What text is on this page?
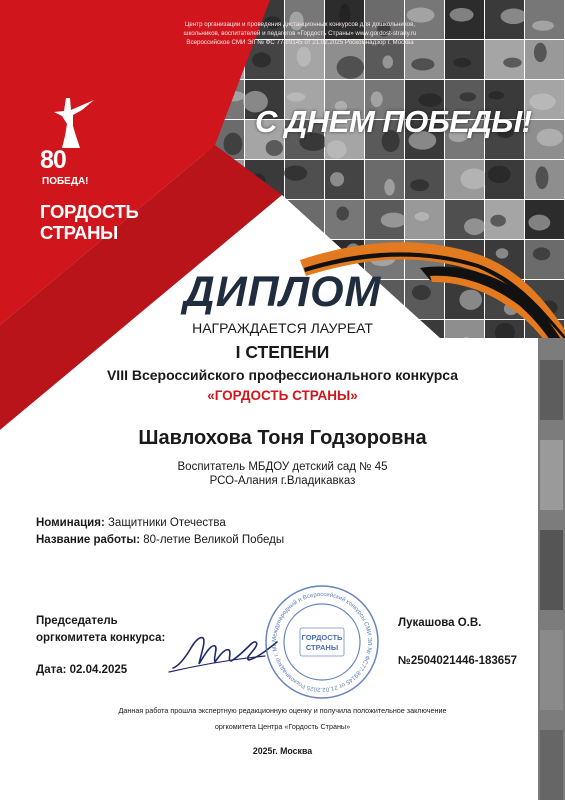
Центр организации и проведения дистанционных конкурсов для дошкольников,
школьников, воспитателей и педагогов «Гордость Страны» www.gordost-strany.ru
Всероссийское СМИ ЭЛ № ФС 77-89145 от 21.02.2025 Роскомнадзор г. Москва
80
ПОБЕДА!
ГОРДОСТЬ
СТРАНЫ
С ДНЕМ ПОБЕДЫ!
ДИПЛОМ
НАГРАЖДАЕТСЯ ЛАУРЕАТ
I СТЕПЕНИ
VIII Всероссийского профессионального конкурса
«ГОРДОСТЬ СТРАНЫ»
Шавлохова Тоня Годзоровна
Воспитатель МБДОУ детский сад № 45
РСО-Алания г.Владикавказ
Номинация: Защитники Отечества
Название работы: 80-летие Великой Победы
Председатель
оргкомитета конкурса:
Дата: 02.04.2025
Международный и Всероссийский конкурсы СМИ ЭЛ № ФС77-89145 от 21.02.2025 Роскомнадзор г. Мо
ГОРДОСТЬ
СТРАНЫ
Лукашова О.В.
№2504021446-183657
Данная работа прошла экспертную редакционную оценку и получила положительное заключение
оргкомитета Центра «Гордость Страны»
2025г. Москва
